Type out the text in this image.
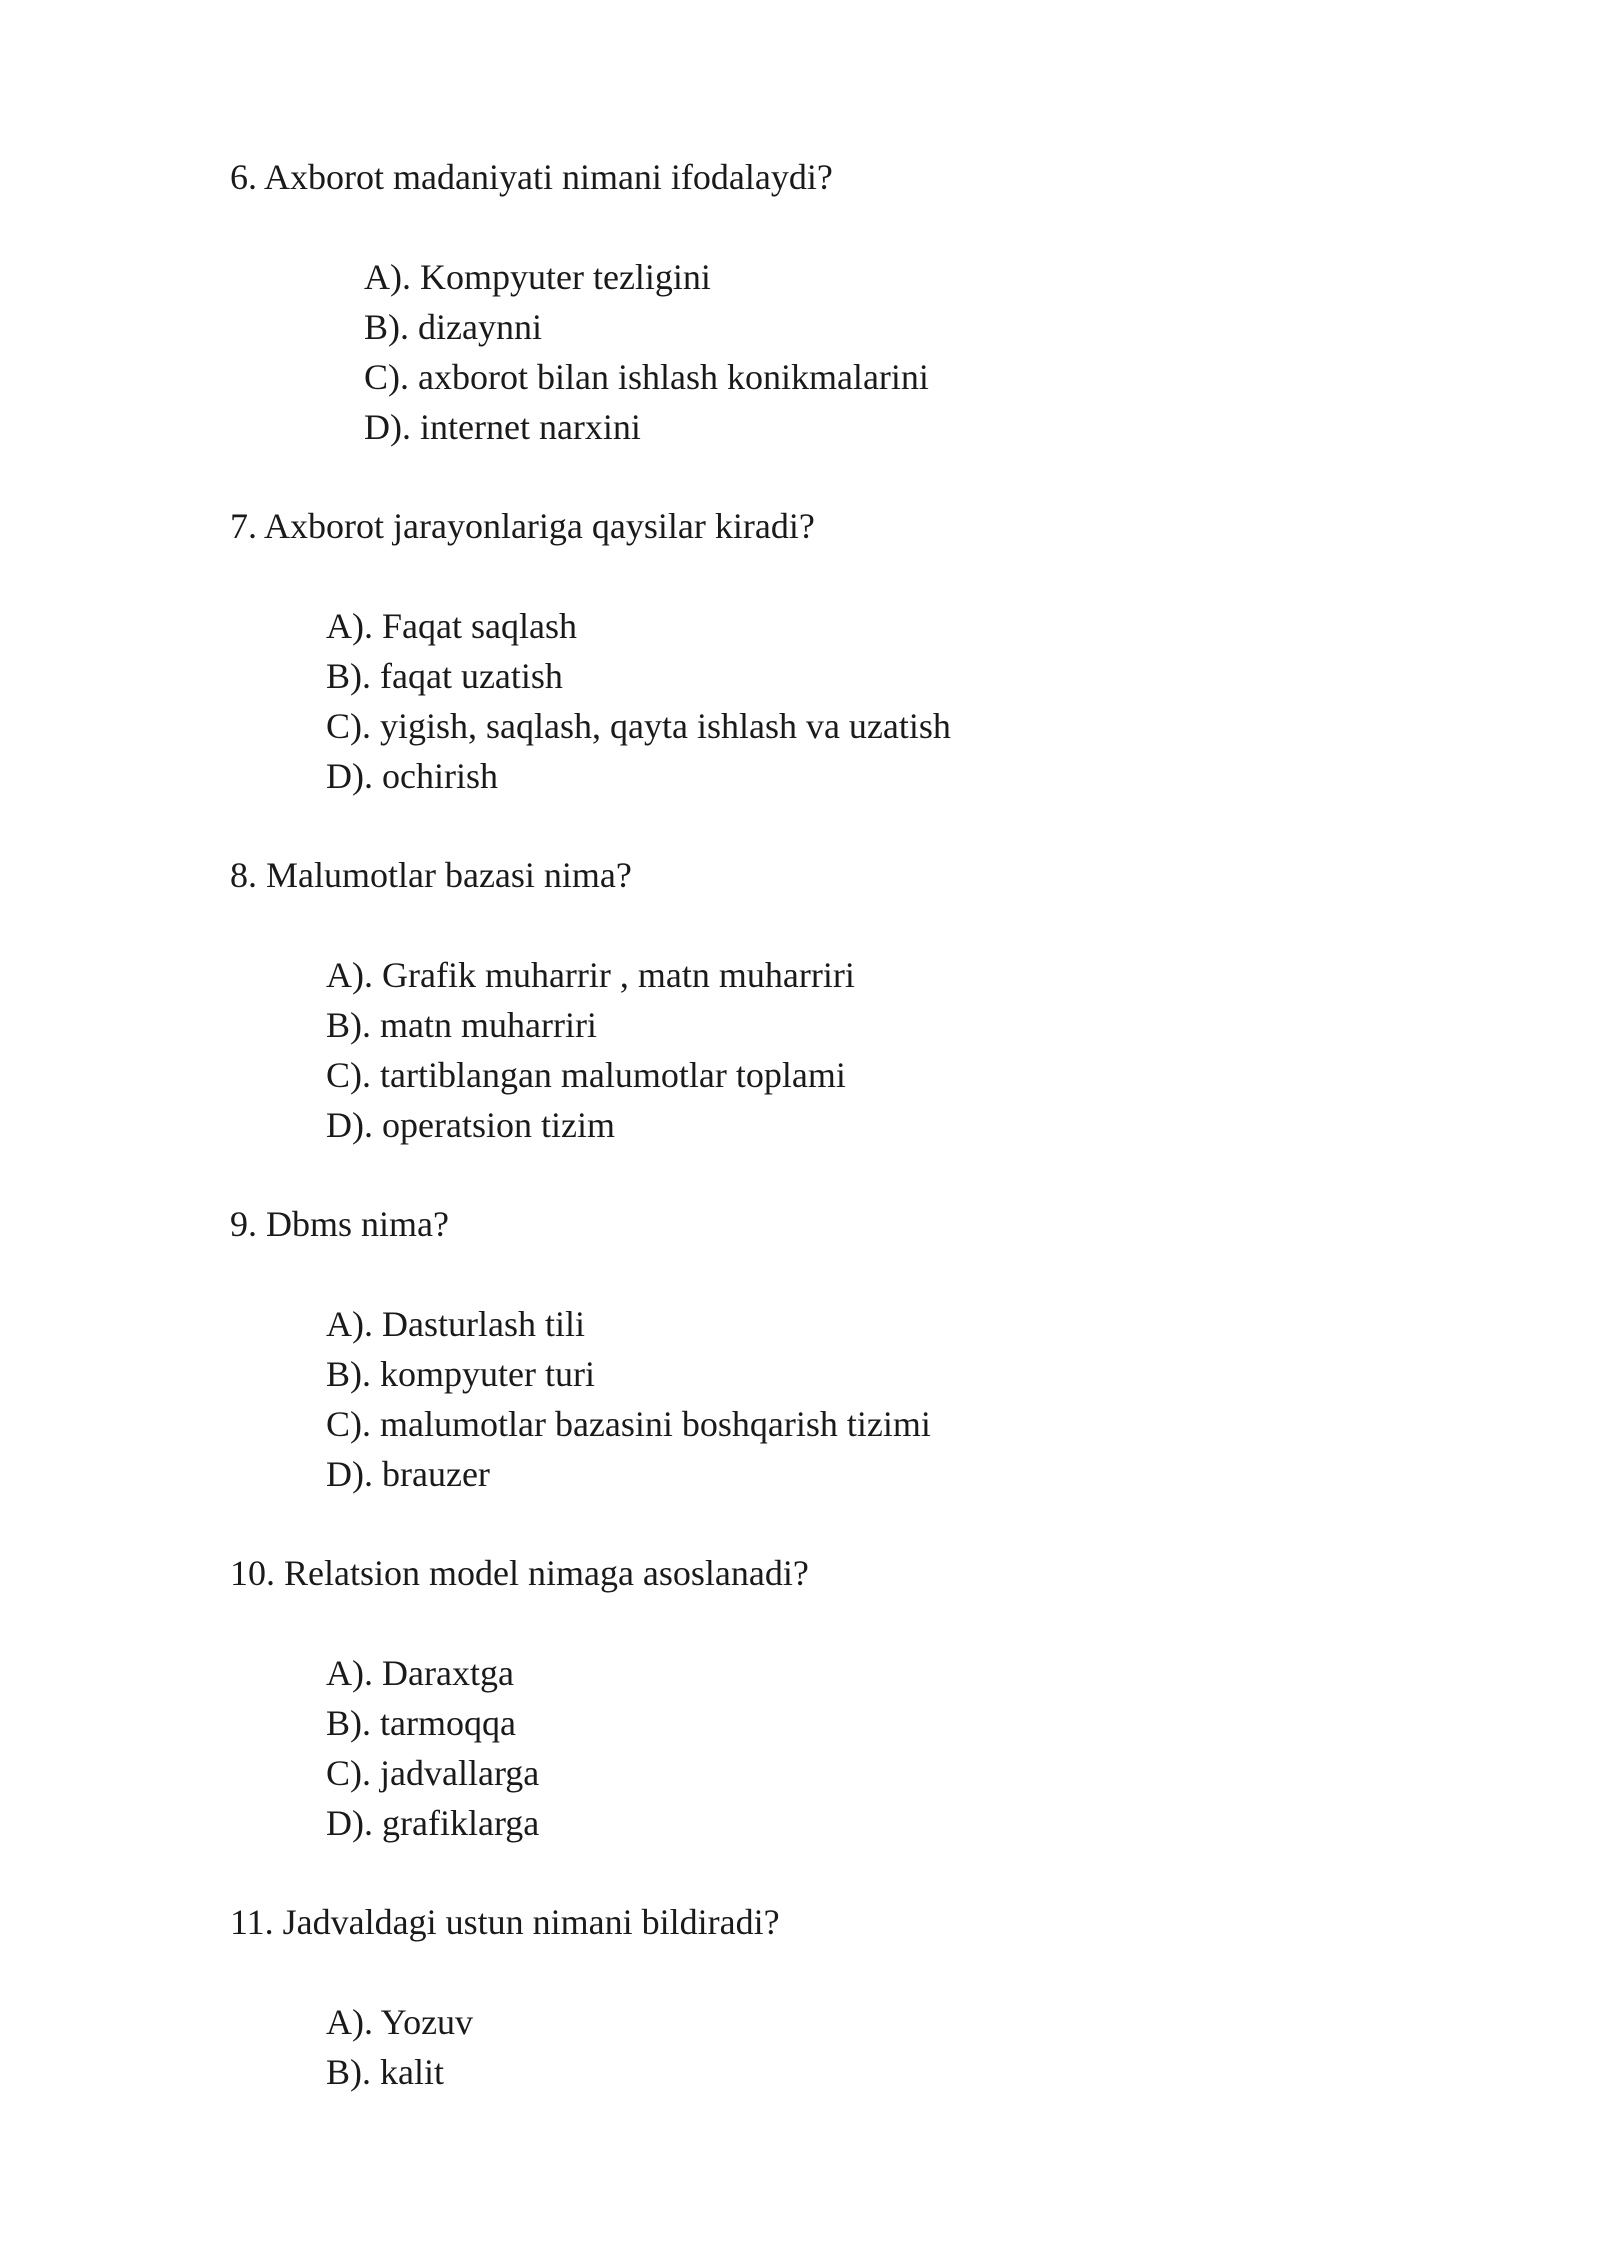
6. Axborot madaniyati nimani ifodalaydi?
A). Kompyuter tezligini
B). dizaynni
C). axborot bilan ishlash konikmalarini
D). internet narxini
7. Axborot jarayonlariga qaysilar kiradi?
A). Faqat saqlash
B). faqat uzatish
C). yigish, saqlash, qayta ishlash va uzatish
D). ochirish
8. Malumotlar bazasi nima?
A). Grafik muharrir , matn muharriri
B). matn muharriri
C). tartiblangan malumotlar toplami
D). operatsion tizim
9. Dbms nima?
A). Dasturlash tili
B). kompyuter turi
C). malumotlar bazasini boshqarish tizimi
D). brauzer
10. Relatsion model nimaga asoslanadi?
A). Daraxtga
B). tarmoqqa
C). jadvallarga
D). grafiklarga
11. Jadvaldagi ustun nimani bildiradi?
A). Yozuv
B). kalit
